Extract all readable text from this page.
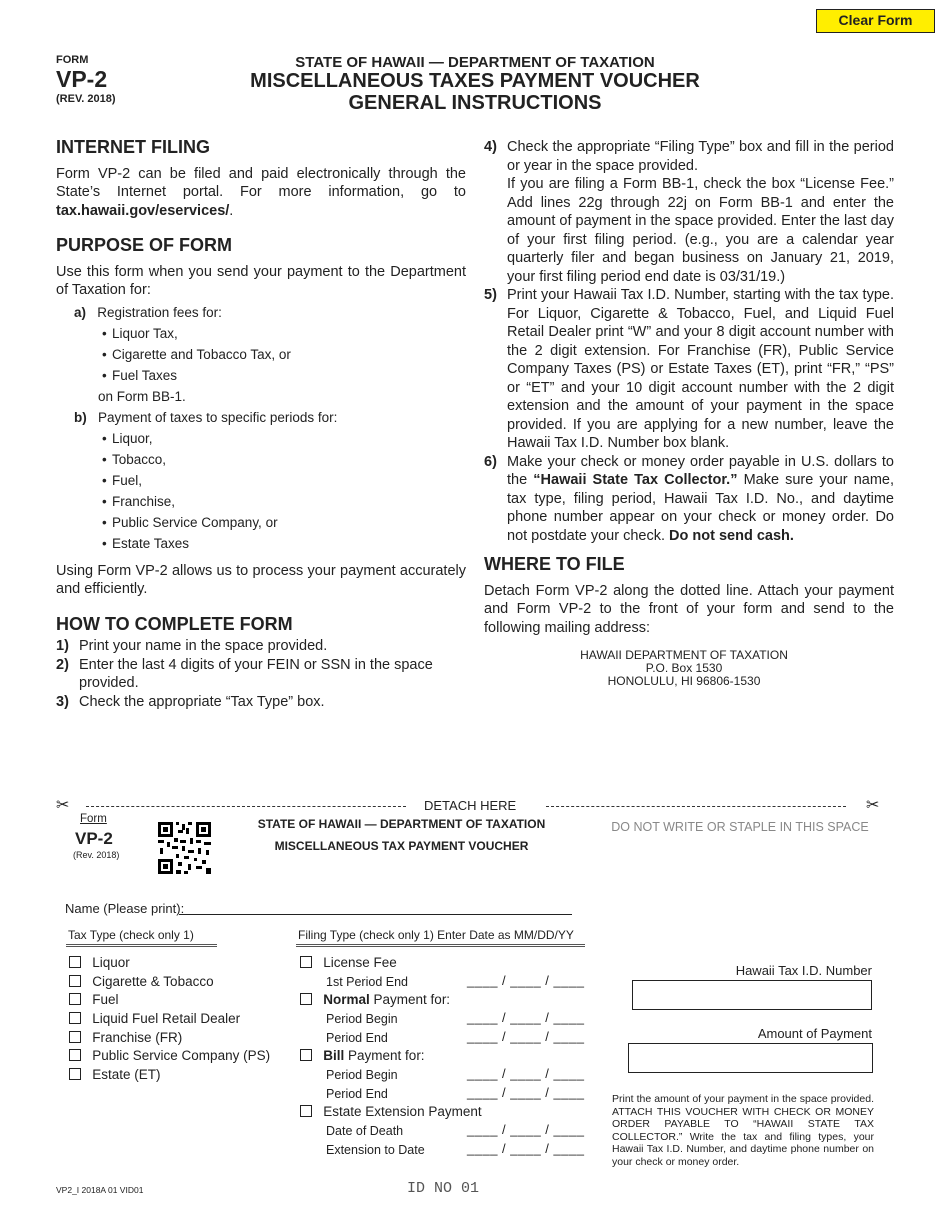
Clear Form
FORM
VP-2
(REV. 2018)
STATE OF HAWAII — DEPARTMENT OF TAXATION
MISCELLANEOUS TAXES PAYMENT VOUCHER
GENERAL INSTRUCTIONS
INTERNET FILING

Form VP-2 can be filed and paid electronically through the State’s Internet portal. For more information, go to tax.hawaii.gov/eservices/.

PURPOSE OF FORM

Use this form when you send your payment to the Department of Taxation for:

a) Registration fees for:
• Liquor Tax,
• Cigarette and Tobacco Tax, or
• Fuel Taxes
on Form BB-1.
b) Payment of taxes to specific periods for:
• Liquor,
• Tobacco,
• Fuel,
• Franchise,
• Public Service Company, or
• Estate Taxes

Using Form VP-2 allows us to process your payment accurately and efficiently.

HOW TO COMPLETE FORM
1) Print your name in the space provided.
2) Enter the last 4 digits of your FEIN or SSN in the space provided.
3) Check the appropriate “Tax Type” box.
4) Check the appropriate “Filing Type” box and fill in the period or year in the space provided.

If you are filing a Form BB-1, check the box “License Fee.” Add lines 22g through 22j on Form BB-1 and enter the amount of payment in the space provided. Enter the last day of your first filing period. (e.g., you are a calendar year quarterly filer and began business on January 21, 2019, your first filing period end date is 03/31/19.)

5) Print your Hawaii Tax I.D. Number, starting with the tax type. For Liquor, Cigarette & Tobacco, Fuel, and Liquid Fuel Retail Dealer print “W” and your 8 digit account number with the 2 digit extension. For Franchise (FR), Public Service Company Taxes (PS) or Estate Taxes (ET), print “FR,” “PS” or “ET” and your 10 digit account number with the 2 digit extension and the amount of your payment in the space provided. If you are applying for a new number, leave the Hawaii Tax I.D. Number box blank.

6) Make your check or money order payable in U.S. dollars to the “Hawaii State Tax Collector.” Make sure your name, tax type, filing period, Hawaii Tax I.D. No., and daytime phone number appear on your check or money order. Do not postdate your check. Do not send cash.

WHERE TO FILE

Detach Form VP-2 along the dotted line. Attach your payment and Form VP-2 to the front of your form and send to the following mailing address:

HAWAII DEPARTMENT OF TAXATION
P.O. Box 1530
HONOLULU, HI 96806-1530
✂	DETACH HERE	✂
Form
VP-2
(Rev. 2018)
STATE OF HAWAII — DEPARTMENT OF TAXATION
MISCELLANEOUS TAX PAYMENT VOUCHER
DO NOT WRITE OR STAPLE IN THIS SPACE
Name (Please print):
Tax Type (check only 1)
Liquor
Cigarette & Tobacco
Fuel
Liquid Fuel Retail Dealer
Franchise (FR)
Public Service Company (PS)
Estate (ET)
Filing Type (check only 1) Enter Date as MM/DD/YY
License Fee
1st Period End	____ / ____ / ____
Normal Payment for:
Period Begin	____ / ____ / ____
Period End	____ / ____ / ____
Bill Payment for:
Period Begin	____ / ____ / ____
Period End	____ / ____ / ____
Estate Extension Payment
Date of Death	____ / ____ / ____
Extension to Date	____ / ____ / ____
Hawaii Tax I.D. Number
Amount of Payment
Print the amount of your payment in the space provided. ATTACH THIS VOUCHER WITH CHECK OR MONEY ORDER PAYABLE TO “HAWAII STATE TAX COLLECTOR.” Write the tax and filing types, your Hawaii Tax I.D. Number, and daytime phone number on your check or money order.
VP2_I 2018A 01 VID01	ID NO 01
